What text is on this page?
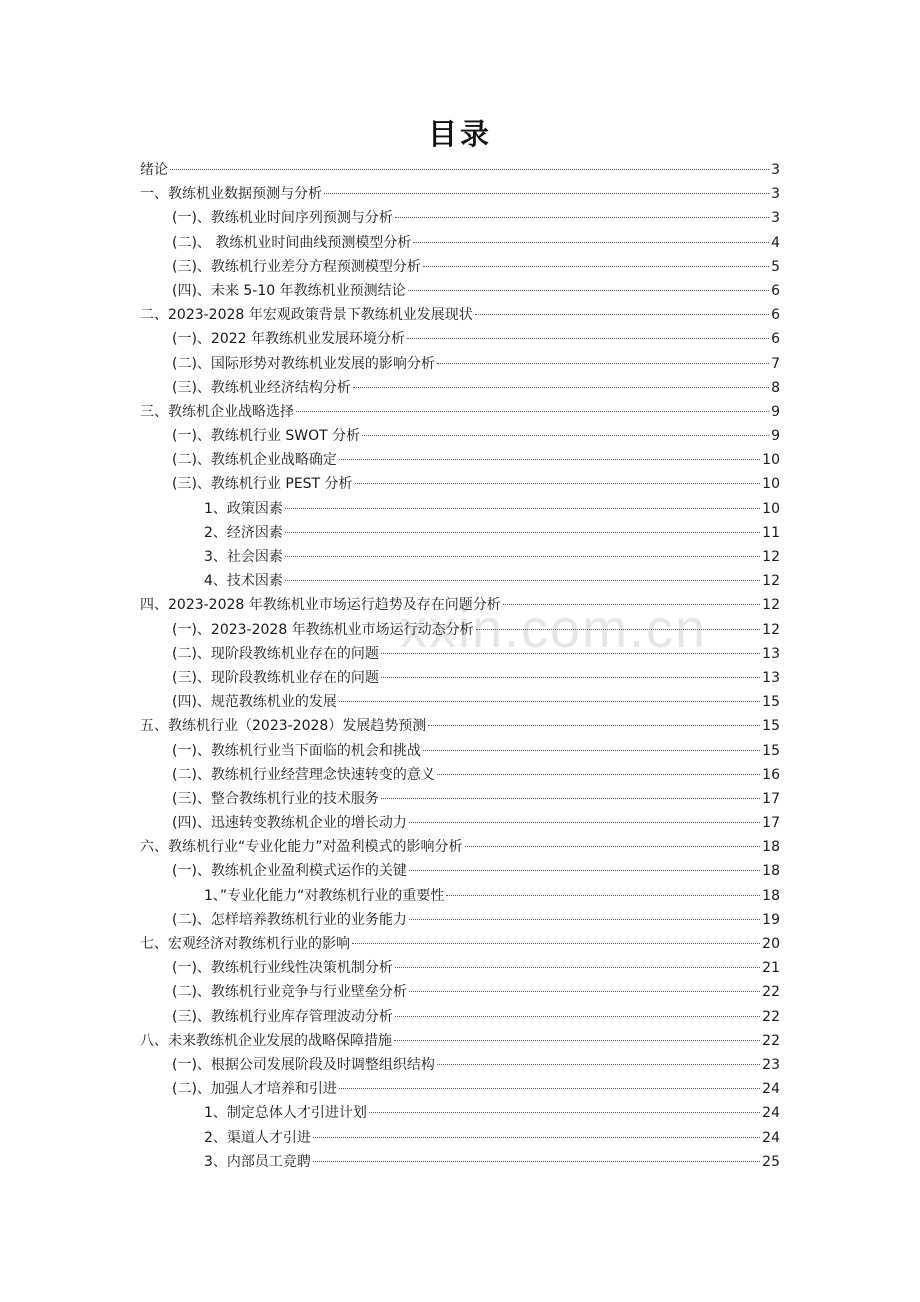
目录
xxin.com.cn
绪论	3
一、教练机业数据预测与分析	3
(一)、教练机业时间序列预测与分析	3
(二)、 教练机业时间曲线预测模型分析	4
(三)、教练机行业差分方程预测模型分析	5
(四)、未来 5-10 年教练机业预测结论	6
二、2023-2028 年宏观政策背景下教练机业发展现状	6
(一)、2022 年教练机业发展环境分析	6
(二)、国际形势对教练机业发展的影响分析	7
(三)、教练机业经济结构分析	8
三、教练机企业战略选择	9
(一)、教练机行业 SWOT 分析	9
(二)、教练机企业战略确定	10
(三)、教练机行业 PEST 分析	10
1、政策因素	10
2、经济因素	11
3、社会因素	12
4、技术因素	12
四、2023-2028 年教练机业市场运行趋势及存在问题分析	12
(一)、2023-2028 年教练机业市场运行动态分析	12
(二)、现阶段教练机业存在的问题	13
(三)、现阶段教练机业存在的问题	13
(四)、规范教练机业的发展	15
五、教练机行业（2023-2028）发展趋势预测	15
(一)、教练机行业当下面临的机会和挑战	15
(二)、教练机行业经营理念快速转变的意义	16
(三)、整合教练机行业的技术服务	17
(四)、迅速转变教练机企业的增长动力	17
六、教练机行业“专业化能力”对盈利模式的影响分析	18
(一)、教练机企业盈利模式运作的关键	18
1、”专业化能力“对教练机行业的重要性	18
(二)、怎样培养教练机行业的业务能力	19
七、宏观经济对教练机行业的影响	20
(一)、教练机行业线性决策机制分析	21
(二)、教练机行业竞争与行业壁垒分析	22
(三)、教练机行业库存管理波动分析	22
八、未来教练机企业发展的战略保障措施	22
(一)、根据公司发展阶段及时调整组织结构	23
(二)、加强人才培养和引进	24
1、制定总体人才引进计划	24
2、渠道人才引进	24
3、内部员工竞聘	25
